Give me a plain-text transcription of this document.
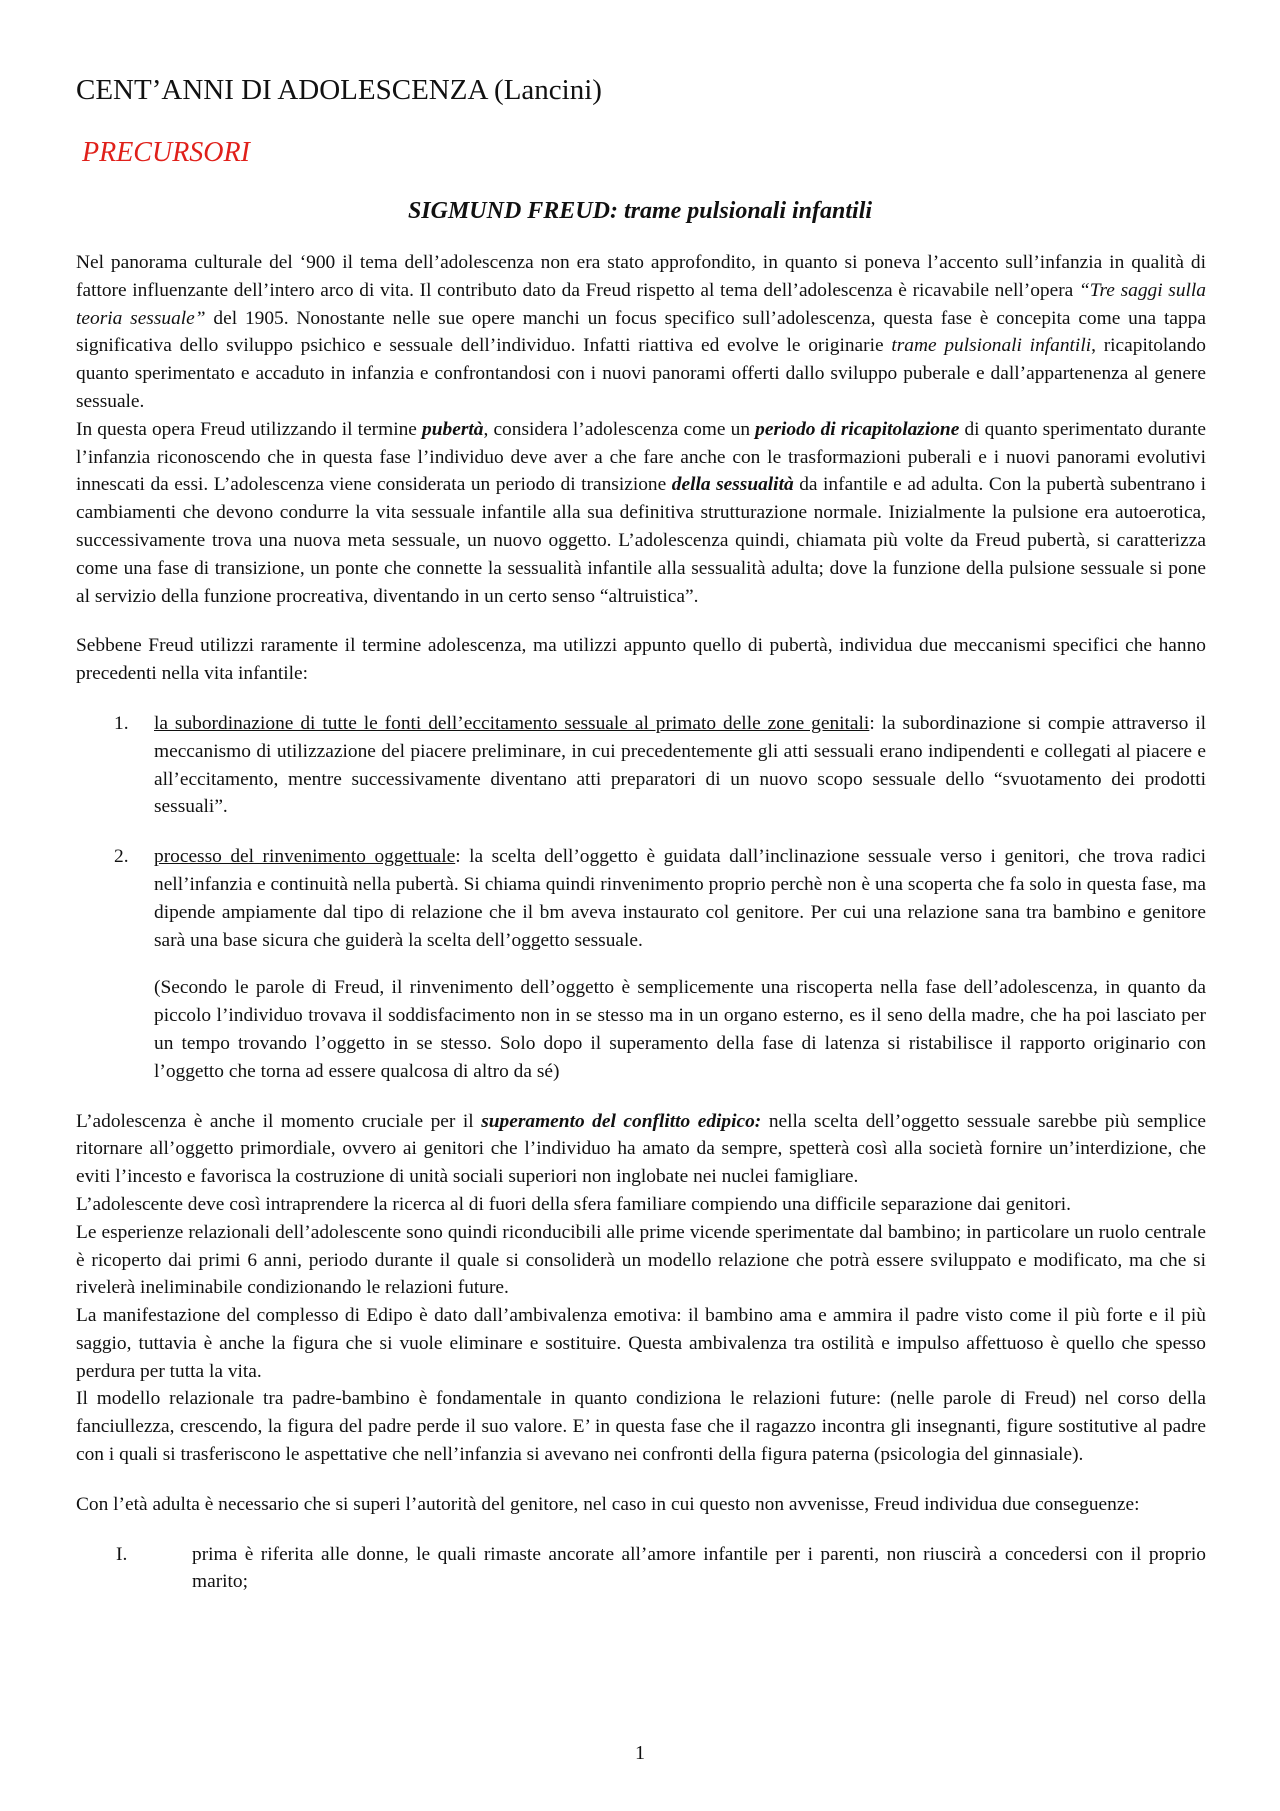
CENT’ANNI DI ADOLESCENZA (Lancini)
PRECURSORI
SIGMUND FREUD: trame pulsionali infantili

Nel panorama culturale del ‘900 il tema dell’adolescenza non era stato approfondito, in quanto si poneva l’accento sull’infanzia in qualità di fattore influenzante dell’intero arco di vita. Il contributo dato da Freud rispetto al tema dell’adolescenza è ricavabile nell’opera “Tre saggi sulla teoria sessuale” del 1905. Nonostante nelle sue opere manchi un focus specifico sull’adolescenza, questa fase è concepita come una tappa significativa dello sviluppo psichico e sessuale dell’individuo. Infatti riattiva ed evolve le originarie trame pulsionali infantili, ricapitolando quanto sperimentato e accaduto in infanzia e confrontandosi con i nuovi panorami offerti dallo sviluppo puberale e dall’appartenenza al genere sessuale.

In questa opera Freud utilizzando il termine pubertà, considera l’adolescenza come un periodo di ricapitolazione di quanto sperimentato durante l’infanzia riconoscendo che in questa fase l’individuo deve aver a che fare anche con le trasformazioni puberali e i nuovi panorami evolutivi innescati da essi. L’adolescenza viene considerata un periodo di transizione della sessualità da infantile e ad adulta. Con la pubertà subentrano i cambiamenti che devono condurre la vita sessuale infantile alla sua definitiva strutturazione normale. Inizialmente la pulsione era autoerotica, successivamente trova una nuova meta sessuale, un nuovo oggetto. L’adolescenza quindi, chiamata più volte da Freud pubertà, si caratterizza come una fase di transizione, un ponte che connette la sessualità infantile alla sessualità adulta; dove la funzione della pulsione sessuale si pone al servizio della funzione procreativa, diventando in un certo senso “altruistica”.

Sebbene Freud utilizzi raramente il termine adolescenza, ma utilizzi appunto quello di pubertà, individua due meccanismi specifici che hanno precedenti nella vita infantile:

1. la subordinazione di tutte le fonti dell’eccitamento sessuale al primato delle zone genitali: la subordinazione si compie attraverso il meccanismo di utilizzazione del piacere preliminare, in cui precedentemente gli atti sessuali erano indipendenti e collegati al piacere e all’eccitamento, mentre successivamente diventano atti preparatori di un nuovo scopo sessuale dello “svuotamento dei prodotti sessuali”.

2. processo del rinvenimento oggettuale: la scelta dell’oggetto è guidata dall’inclinazione sessuale verso i genitori, che trova radici nell’infanzia e continuità nella pubertà. Si chiama quindi rinvenimento proprio perchè non è una scoperta che fa solo in questa fase, ma dipende ampiamente dal tipo di relazione che il bm aveva instaurato col genitore. Per cui una relazione sana tra bambino e genitore sarà una base sicura che guiderà la scelta dell’oggetto sessuale.

(Secondo le parole di Freud, il rinvenimento dell’oggetto è semplicemente una riscoperta nella fase dell’adolescenza, in quanto da piccolo l’individuo trovava il soddisfacimento non in se stesso ma in un organo esterno, es il seno della madre, che ha poi lasciato per un tempo trovando l’oggetto in se stesso. Solo dopo il superamento della fase di latenza si ristabilisce il rapporto originario con l’oggetto che torna ad essere qualcosa di altro da sé)

L’adolescenza è anche il momento cruciale per il superamento del conflitto edipico: nella scelta dell’oggetto sessuale sarebbe più semplice ritornare all’oggetto primordiale, ovvero ai genitori che l’individuo ha amato da sempre, spetterà così alla società fornire un’interdizione, che eviti l’incesto e favorisca la costruzione di unità sociali superiori non inglobate nei nuclei famigliare.

L’adolescente deve così intraprendere la ricerca al di fuori della sfera familiare compiendo una difficile separazione dai genitori.

Le esperienze relazionali dell’adolescente sono quindi riconducibili alle prime vicende sperimentate dal bambino; in particolare un ruolo centrale è ricoperto dai primi 6 anni, periodo durante il quale si consoliderà un modello relazione che potrà essere sviluppato e modificato, ma che si rivelerà ineliminabile condizionando le relazioni future.

La manifestazione del complesso di Edipo è dato dall’ambivalenza emotiva: il bambino ama e ammira il padre visto come il più forte e il più saggio, tuttavia è anche la figura che si vuole eliminare e sostituire. Questa ambivalenza tra ostilità e impulso affettuoso è quello che spesso perdura per tutta la vita.

Il modello relazionale tra padre-bambino è fondamentale in quanto condiziona le relazioni future: (nelle parole di Freud) nel corso della fanciullezza, crescendo, la figura del padre perde il suo valore. E’ in questa fase che il ragazzo incontra gli insegnanti, figure sostitutive al padre con i quali si trasferiscono le aspettative che nell’infanzia si avevano nei confronti della figura paterna (psicologia del ginnasiale).

Con l’età adulta è necessario che si superi l’autorità del genitore, nel caso in cui questo non avvenisse, Freud individua due conseguenze:

I.	prima è riferita alle donne, le quali rimaste ancorate all’amore infantile per i parenti, non riuscirà a concedersi con il proprio marito;

1
